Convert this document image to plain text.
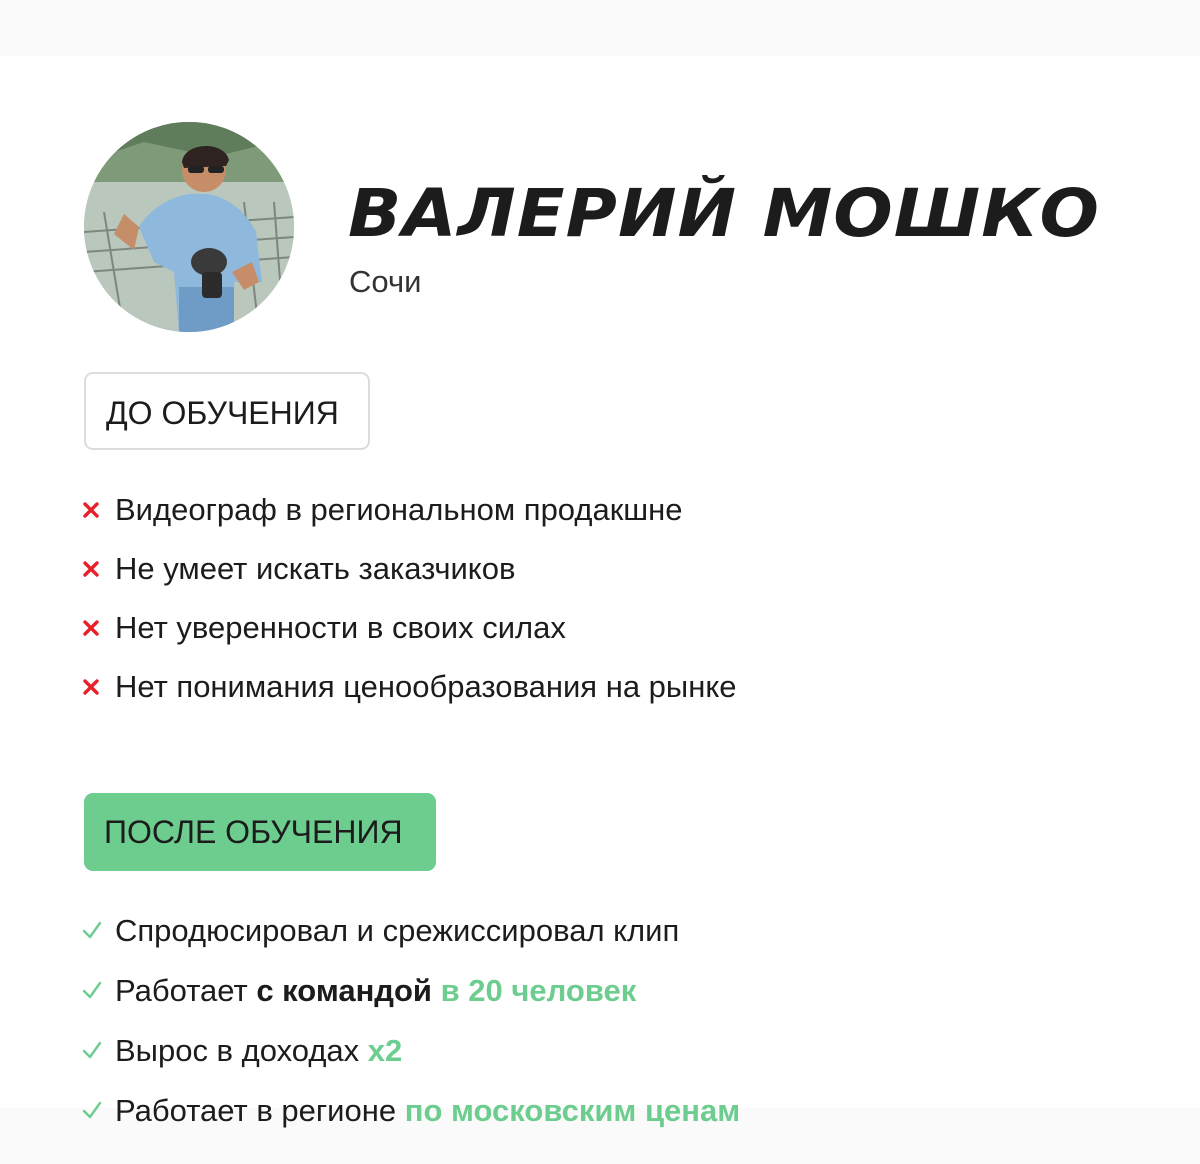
ВАЛЕРИЙ МОШКО
Сочи
ДО ОБУЧЕНИЯ
Видеограф в региональном продакшне
Не умеет искать заказчиков
Нет уверенности в своих силах
Нет понимания ценообразования на рынке
ПОСЛЕ ОБУЧЕНИЯ
Спродюсировал и срежиссировал клип
Работает с командой в 20 человек
Вырос в доходах х2
Работает в регионе по московским ценам
